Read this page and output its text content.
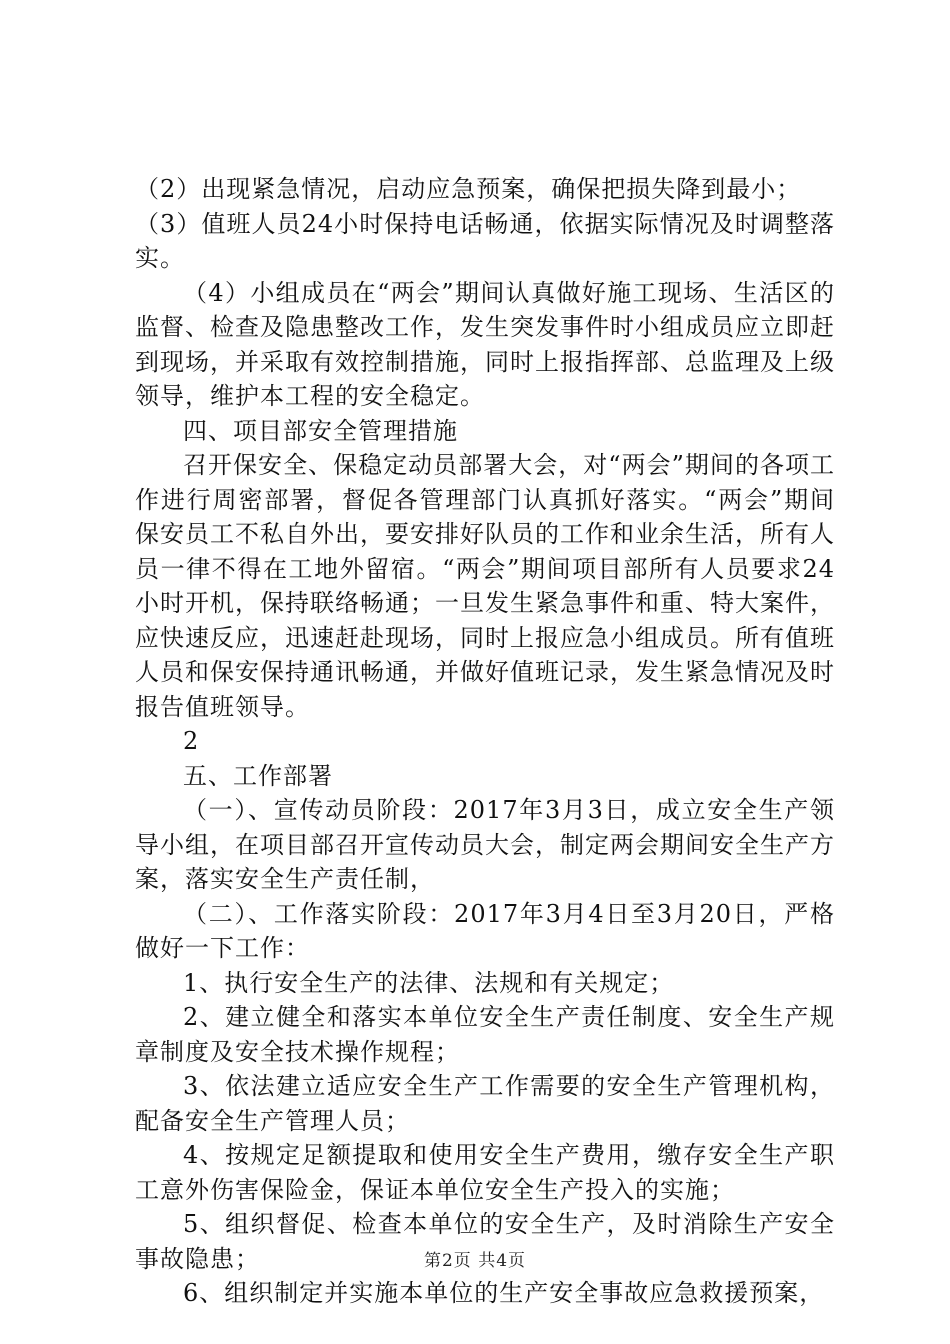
（2）出现紧急情况，启动应急预案，确保把损失降到最小；

（3）值班人员24小时保持电话畅通，依据实际情况及时调整落实。

（4）小组成员在“两会”期间认真做好施工现场、生活区的监督、检查及隐患整改工作，发生突发事件时小组成员应立即赶到现场，并采取有效控制措施，同时上报指挥部、总监理及上级领导，维护本工程的安全稳定。

四、项目部安全管理措施

召开保安全、保稳定动员部署大会，对“两会”期间的各项工作进行周密部署，督促各管理部门认真抓好落实。“两会”期间保安员工不私自外出，要安排好队员的工作和业余生活，所有人员一律不得在工地外留宿。“两会”期间项目部所有人员要求24小时开机，保持联络畅通；一旦发生紧急事件和重、特大案件，应快速反应，迅速赶赴现场，同时上报应急小组成员。所有值班人员和保安保持通讯畅通，并做好值班记录，发生紧急情况及时报告值班领导。

2

五、工作部署

（一）、宣传动员阶段：2017年3月3日，成立安全生产领导小组，在项目部召开宣传动员大会，制定两会期间安全生产方案，落实安全生产责任制，

（二）、工作落实阶段：2017年3月4日至3月20日，严格做好一下工作：

1、执行安全生产的法律、法规和有关规定；

2、建立健全和落实本单位安全生产责任制度、安全生产规章制度及安全技术操作规程；

3、依法建立适应安全生产工作需要的安全生产管理机构，配备安全生产管理人员；

4、按规定足额提取和使用安全生产费用，缴存安全生产职工意外伤害保险金，保证本单位安全生产投入的实施；

5、组织督促、检查本单位的安全生产，及时消除生产安全事故隐患；

6、组织制定并实施本单位的生产安全事故应急救援预案，

第2页 共4页
